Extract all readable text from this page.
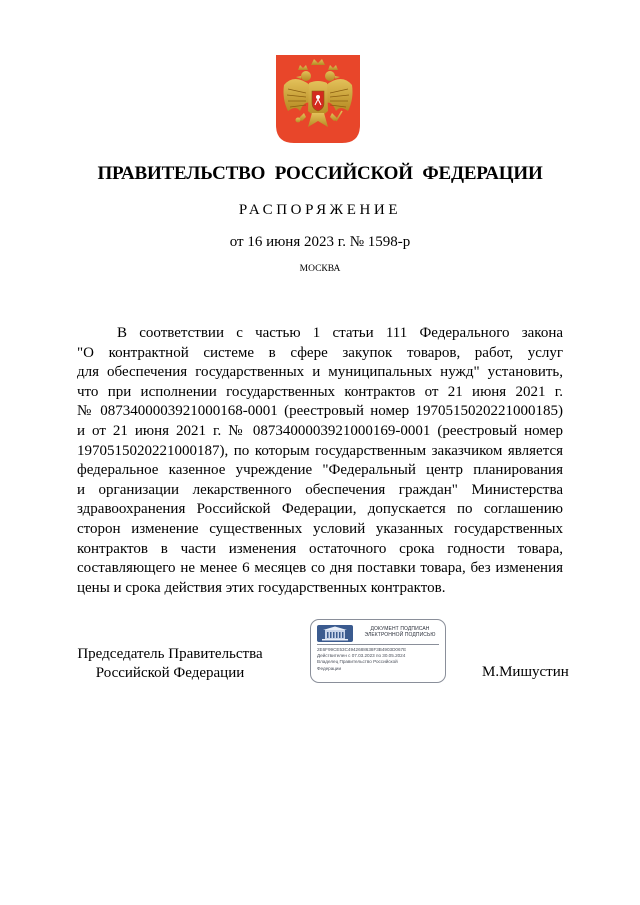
ПРАВИТЕЛЬСТВО РОССИЙСКОЙ ФЕДЕРАЦИИ
РАСПОРЯЖЕНИЕ
от 16 июня 2023 г. № 1598-р
МОСКВА
В соответствии с частью 1 статьи 111 Федерального закона
"О контрактной системе в сфере закупок товаров, работ, услуг
для обеспечения государственных и муниципальных нужд" установить,
что при исполнении государственных контрактов от 21 июня 2021 г.
№ 0873400003921000168-0001 (реестровый номер 1970515020221000185)
и от 21 июня 2021 г. № 0873400003921000169-0001 (реестровый номер
1970515020221000187), по которым государственным заказчиком является
федеральное казенное учреждение "Федеральный центр планирования
и организации лекарственного обеспечения граждан" Министерства
здравоохранения Российской Федерации, допускается по соглашению
сторон изменение существенных условий указанных государственных
контрактов в части изменения остаточного срока годности товара,
составляющего не менее 6 месяцев со дня поставки товара, без изменения
цены и срока действия этих государственных контрактов.
Председатель Правительства
Российской Федерации
ДОКУМЕНТ ПОДПИСАН
ЭЛЕКТРОННОЙ ПОДПИСЬЮ
2E6F99CE53C4942688638F3B4903D067E
Действителен с 07.03.2023 по 30.05.2024
Владелец Правительство Российской
Федерации	М.Мишустин
